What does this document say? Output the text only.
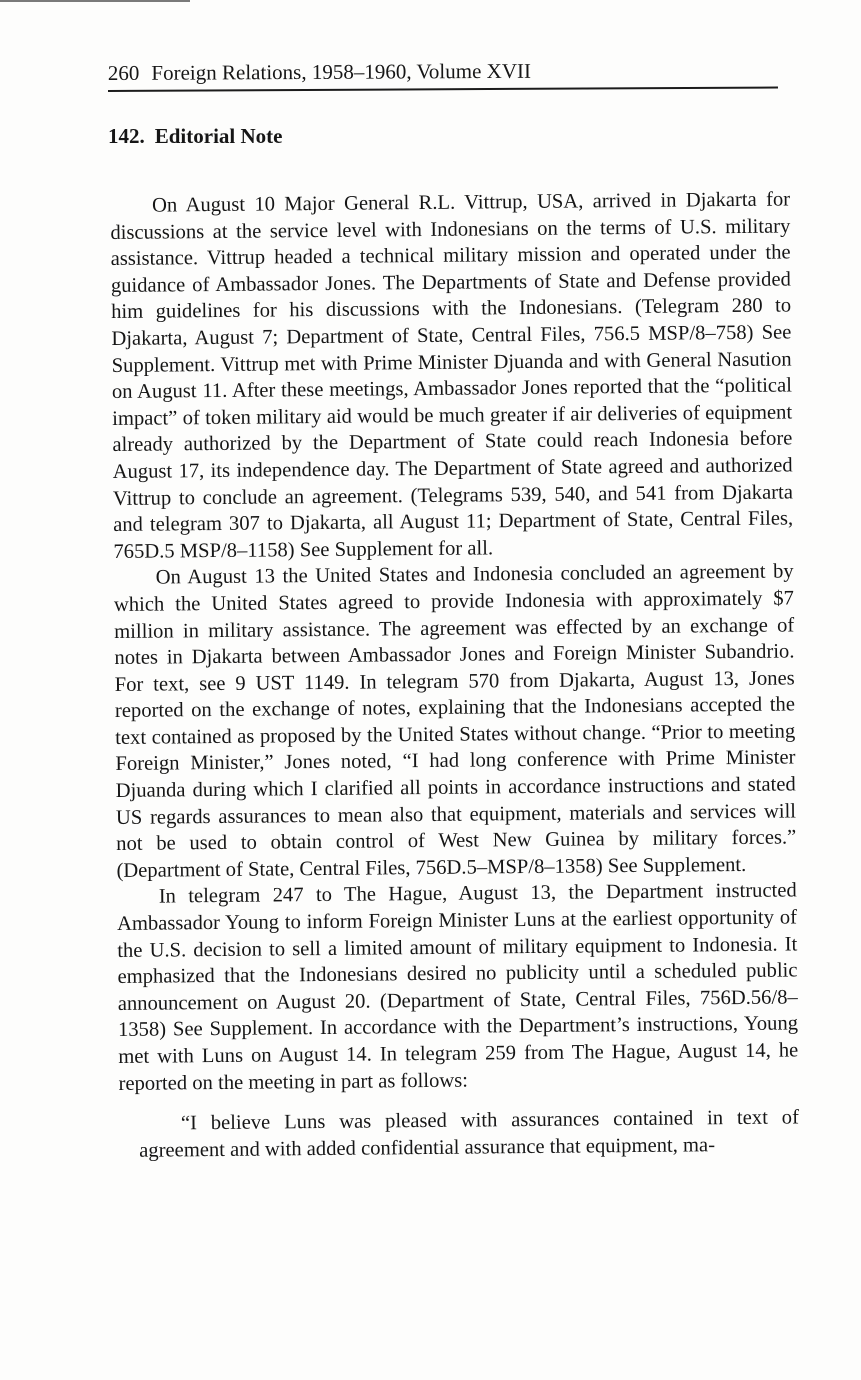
260 Foreign Relations, 1958–1960, Volume XVII
142. Editorial Note

On August 10 Major General R.L. Vittrup, USA, arrived in Djakarta for discussions at the service level with Indonesians on the terms of U.S. military assistance. Vittrup headed a technical military mission and operated under the guidance of Ambassador Jones. The Departments of State and Defense provided him guidelines for his discussions with the Indonesians. (Telegram 280 to Djakarta, August 7; Department of State, Central Files, 756.5 MSP/8–758) See Supplement. Vittrup met with Prime Minister Djuanda and with General Nasution on August 11. After these meetings, Ambassador Jones reported that the “political impact” of token military aid would be much greater if air deliveries of equipment already authorized by the Department of State could reach Indonesia before August 17, its independence day. The Department of State agreed and authorized Vittrup to conclude an agreement. (Telegrams 539, 540, and 541 from Djakarta and telegram 307 to Djakarta, all August 11; Department of State, Central Files, 765D.5 MSP/8–1158) See Supplement for all.

On August 13 the United States and Indonesia concluded an agreement by which the United States agreed to provide Indonesia with approximately $7 million in military assistance. The agreement was effected by an exchange of notes in Djakarta between Ambassador Jones and Foreign Minister Subandrio. For text, see 9 UST 1149. In telegram 570 from Djakarta, August 13, Jones reported on the exchange of notes, explaining that the Indonesians accepted the text contained as proposed by the United States without change. “Prior to meeting Foreign Minister,” Jones noted, “I had long conference with Prime Minister Djuanda during which I clarified all points in accordance instructions and stated US regards assurances to mean also that equipment, materials and services will not be used to obtain control of West New Guinea by military forces.” (Department of State, Central Files, 756D.5–MSP/8–1358) See Supplement.

In telegram 247 to The Hague, August 13, the Department instructed Ambassador Young to inform Foreign Minister Luns at the earliest opportunity of the U.S. decision to sell a limited amount of military equipment to Indonesia. It emphasized that the Indonesians desired no publicity until a scheduled public announcement on August 20. (Department of State, Central Files, 756D.56/8–1358) See Supplement. In accordance with the Department’s instructions, Young met with Luns on August 14. In telegram 259 from The Hague, August 14, he reported on the meeting in part as follows:

“I believe Luns was pleased with assurances contained in text of agreement and with added confidential assurance that equipment, ma-
